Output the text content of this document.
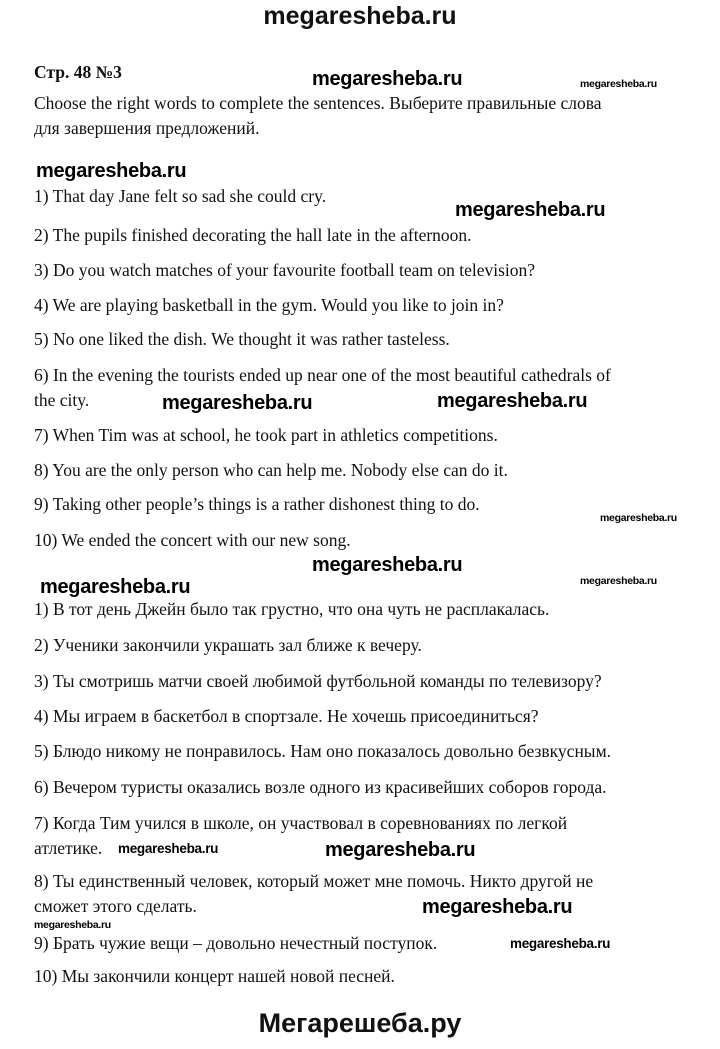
megaresheba.ru
Стр. 48 №3
Choose the right words to complete the sentences. Выберите правильные слова
для завершения предложений.
1) That day Jane felt so sad she could cry.
2) The pupils finished decorating the hall late in the afternoon.
3) Do you watch matches of your favourite football team on television?
4) We are playing basketball in the gym. Would you like to join in?
5) No one liked the dish. We thought it was rather tasteless.
6) In the evening the tourists ended up near one of the most beautiful cathedrals of
the city.
7) When Tim was at school, he took part in athletics competitions.
8) You are the only person who can help me. Nobody else can do it.
9) Taking other people’s things is a rather dishonest thing to do.
10) We ended the concert with our new song.
1) В тот день Джейн было так грустно, что она чуть не расплакалась.
2) Ученики закончили украшать зал ближе к вечеру.
3) Ты смотришь матчи своей любимой футбольной команды по телевизору?
4) Мы играем в баскетбол в спортзале. Не хочешь присоединиться?
5) Блюдо никому не понравилось. Нам оно показалось довольно безвкусным.
6) Вечером туристы оказались возле одного из красивейших соборов города.
7) Когда Тим учился в школе, он участвовал в соревнованиях по легкой
атлетике.
8) Ты единственный человек, который может мне помочь. Никто другой не
сможет этого сделать.
9) Брать чужие вещи – довольно нечестный поступок.
10) Мы закончили концерт нашей новой песней.
megaresheba.ru	megaresheba.ru
megaresheba.ru
megaresheba.ru
megaresheba.ru
megaresheba.ru
megaresheba.ru
megaresheba.ru
megaresheba.ru
megaresheba.ru
megaresheba.ru
megaresheba.ru
megaresheba.ru
megaresheba.ru
megaresheba.ru
Мегарешеба.ру
